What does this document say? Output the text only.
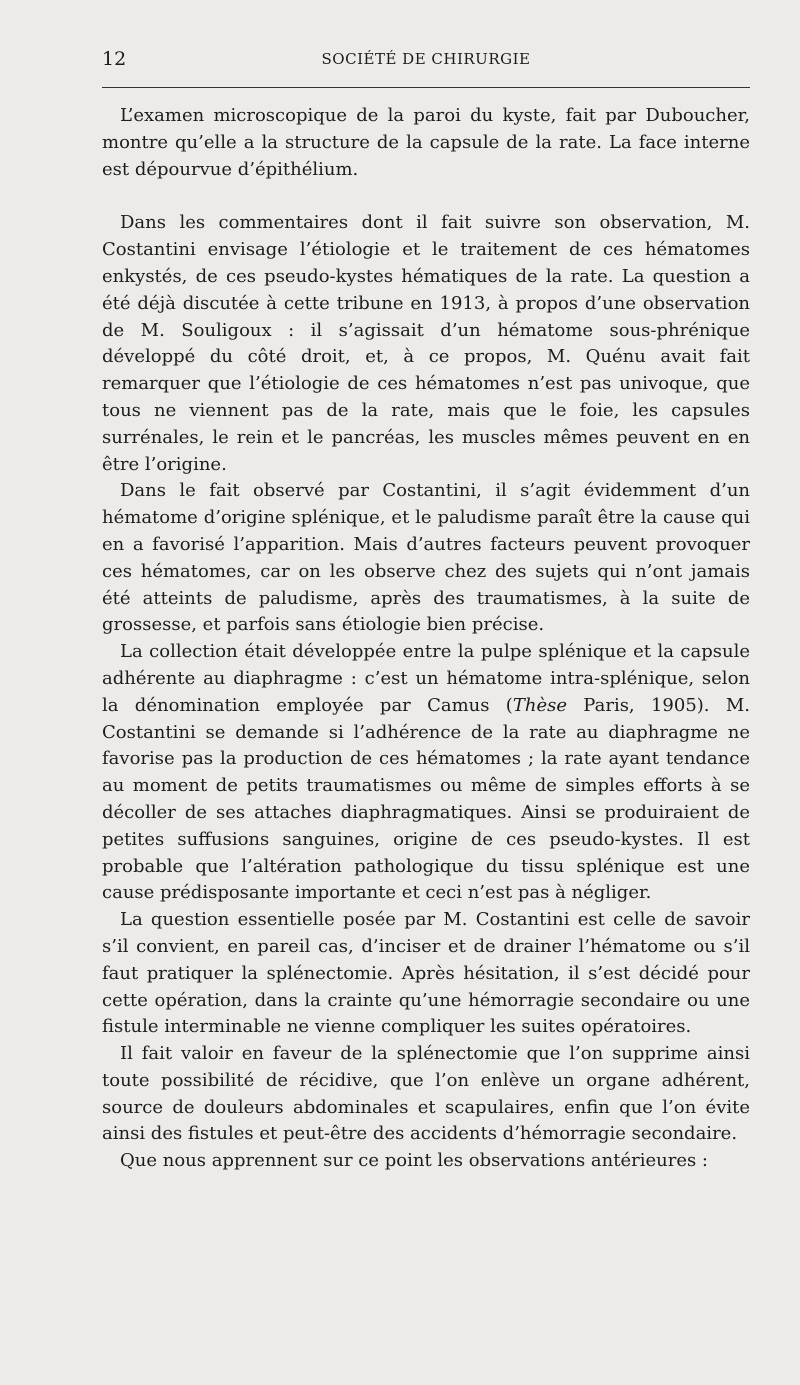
12	SOCIÉTÉ DE CHIRURGIE

L’examen microscopique de la paroi du kyste, fait par Duboucher, montre qu’elle a la structure de la capsule de la rate. La face interne est dépourvue d’épithélium.

Dans les commentaires dont il fait suivre son observation, M. Costantini envisage l’étiologie et le traitement de ces hématomes enkystés, de ces pseudo-kystes hématiques de la rate. La question a été déjà discutée à cette tribune en 1913, à propos d’une observation de M. Souligoux : il s’agissait d’un hématome sous-phrénique développé du côté droit, et, à ce propos, M. Quénu avait fait remarquer que l’étiologie de ces hématomes n’est pas univoque, que tous ne viennent pas de la rate, mais que le foie, les capsules surrénales, le rein et le pancréas, les muscles mêmes peuvent en en être l’origine.

Dans le fait observé par Costantini, il s’agit évidemment d’un hématome d’origine splénique, et le paludisme paraît être la cause qui en a favorisé l’apparition. Mais d’autres facteurs peuvent provoquer ces hématomes, car on les observe chez des sujets qui n’ont jamais été atteints de paludisme, après des traumatismes, à la suite de grossesse, et parfois sans étiologie bien précise.

La collection était développée entre la pulpe splénique et la capsule adhérente au diaphragme : c’est un hématome intra-splénique, selon la dénomination employée par Camus (Thèse Paris, 1905). M. Costantini se demande si l’adhérence de la rate au diaphragme ne favorise pas la production de ces hématomes ; la rate ayant tendance au moment de petits traumatismes ou même de simples efforts à se décoller de ses attaches diaphragmatiques. Ainsi se produiraient de petites suffusions sanguines, origine de ces pseudo-kystes. Il est probable que l’altération pathologique du tissu splénique est une cause prédisposante importante et ceci n’est pas à négliger.

La question essentielle posée par M. Costantini est celle de savoir s’il convient, en pareil cas, d’inciser et de drainer l’hématome ou s’il faut pratiquer la splénectomie. Après hésitation, il s’est décidé pour cette opération, dans la crainte qu’une hémorragie secondaire ou une fistule interminable ne vienne compliquer les suites opératoires.

Il fait valoir en faveur de la splénectomie que l’on supprime ainsi toute possibilité de récidive, que l’on enlève un organe adhérent, source de douleurs abdominales et scapulaires, enfin que l’on évite ainsi des fistules et peut-être des accidents d’hémorragie secondaire.

Que nous apprennent sur ce point les observations antérieures :
